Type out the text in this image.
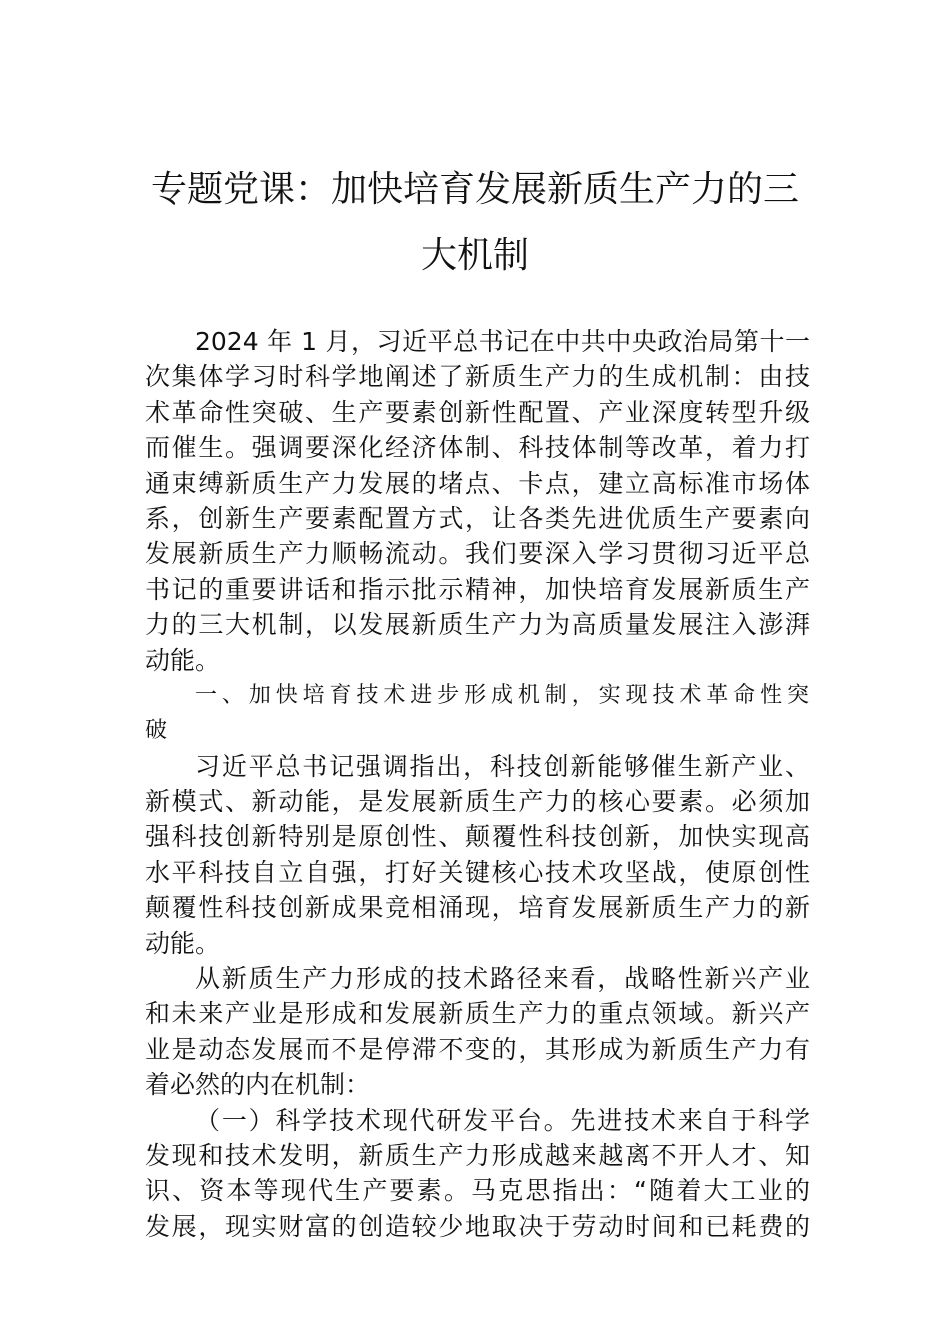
专题党课：加快培育发展新质生产力的三
大机制
2024 年 1 月，习近平总书记在中共中央政治局第十一
次集体学习时科学地阐述了新质生产力的生成机制：由技
术革命性突破、生产要素创新性配置、产业深度转型升级
而催生。强调要深化经济体制、科技体制等改革，着力打
通束缚新质生产力发展的堵点、卡点，建立高标准市场体
系，创新生产要素配置方式，让各类先进优质生产要素向
发展新质生产力顺畅流动。我们要深入学习贯彻习近平总
书记的重要讲话和指示批示精神，加快培育发展新质生产
力的三大机制，以发展新质生产力为高质量发展注入澎湃
动能。
一、加快培育技术进步形成机制，实现技术革命性突
破
习近平总书记强调指出，科技创新能够催生新产业、
新模式、新动能，是发展新质生产力的核心要素。必须加
强科技创新特别是原创性、颠覆性科技创新，加快实现高
水平科技自立自强，打好关键核心技术攻坚战，使原创性
颠覆性科技创新成果竞相涌现，培育发展新质生产力的新
动能。
从新质生产力形成的技术路径来看，战略性新兴产业
和未来产业是形成和发展新质生产力的重点领域。新兴产
业是动态发展而不是停滞不变的，其形成为新质生产力有
着必然的内在机制：
（一）科学技术现代研发平台。先进技术来自于科学
发现和技术发明，新质生产力形成越来越离不开人才、知
识、资本等现代生产要素。马克思指出：“随着大工业的
发展，现实财富的创造较少地取决于劳动时间和已耗费的
